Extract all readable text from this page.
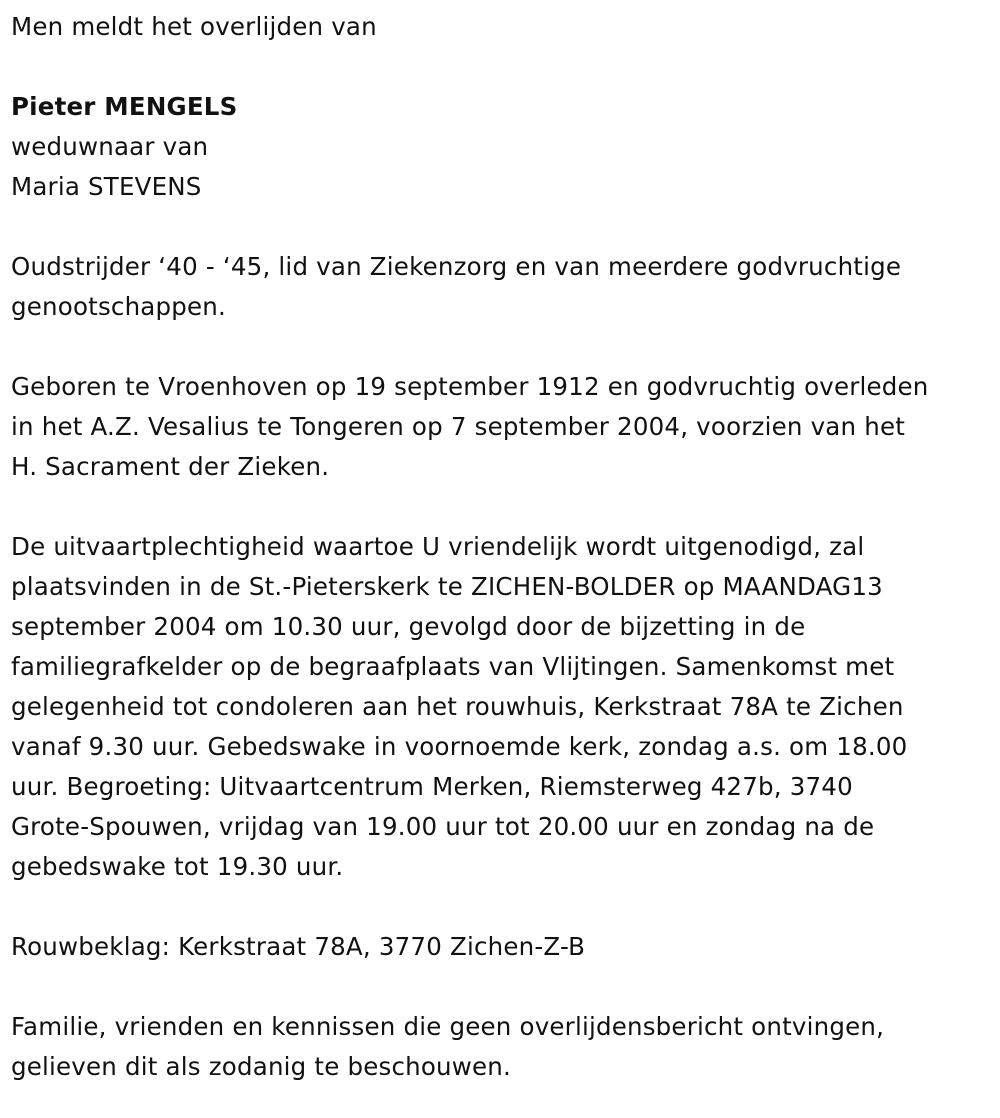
Men meldt het overlijden van

Pieter MENGELS

weduwnaar van

Maria STEVENS

Oudstrijder ‘40 - ‘45, lid van Ziekenzorg en van meerdere godvruchtige

genootschappen.

Geboren te Vroenhoven op 19 september 1912 en godvruchtig overleden

in het A.Z. Vesalius te Tongeren op 7 september 2004, voorzien van het

H. Sacrament der Zieken.

De uitvaartplechtigheid waartoe U vriendelijk wordt uitgenodigd, zal

plaatsvinden in de St.-Pieterskerk te ZICHEN-BOLDER op MAANDAG13

september 2004 om 10.30 uur, gevolgd door de bijzetting in de

familiegrafkelder op de begraafplaats van Vlijtingen. Samenkomst met

gelegenheid tot condoleren aan het rouwhuis, Kerkstraat 78A te Zichen

vanaf 9.30 uur. Gebedswake in voornoemde kerk, zondag a.s. om 18.00

uur. Begroeting: Uitvaartcentrum Merken, Riemsterweg 427b, 3740

Grote-Spouwen, vrijdag van 19.00 uur tot 20.00 uur en zondag na de

gebedswake tot 19.30 uur.

Rouwbeklag: Kerkstraat 78A, 3770 Zichen-Z-B

Familie, vrienden en kennissen die geen overlijdensbericht ontvingen,

gelieven dit als zodanig te beschouwen.
